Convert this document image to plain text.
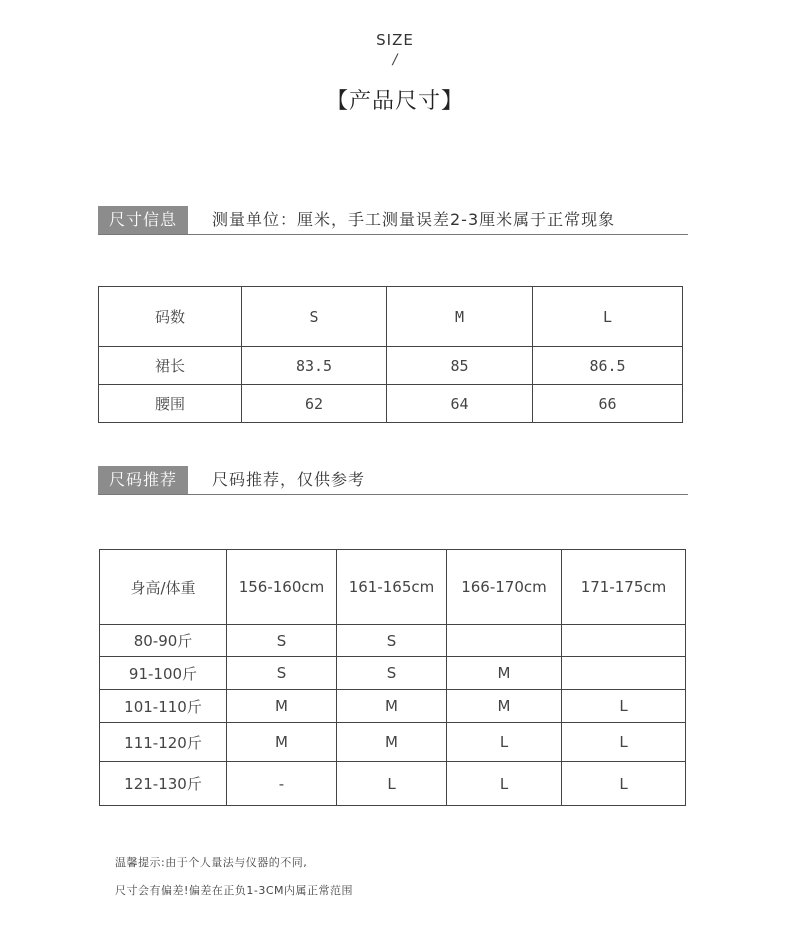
SIZE
/
【产品尺寸】
尺寸信息	测量单位：厘米，手工测量误差2-3厘米属于正常现象
码数	S	M	L
裙长	83.5	85	86.5
腰围	62	64	66
尺码推荐	尺码推荐，仅供参考
身高/体重	156-160cm	161-165cm	166-170cm	171-175cm
80-90斤	S	S		
91-100斤	S	S	M	
101-110斤	M	M	M	L
111-120斤	M	M	L	L
121-130斤	-	L	L	L
温馨提示:由于个人量法与仪器的不同,
尺寸会有偏差!偏差在正负1-3CM内属正常范围
